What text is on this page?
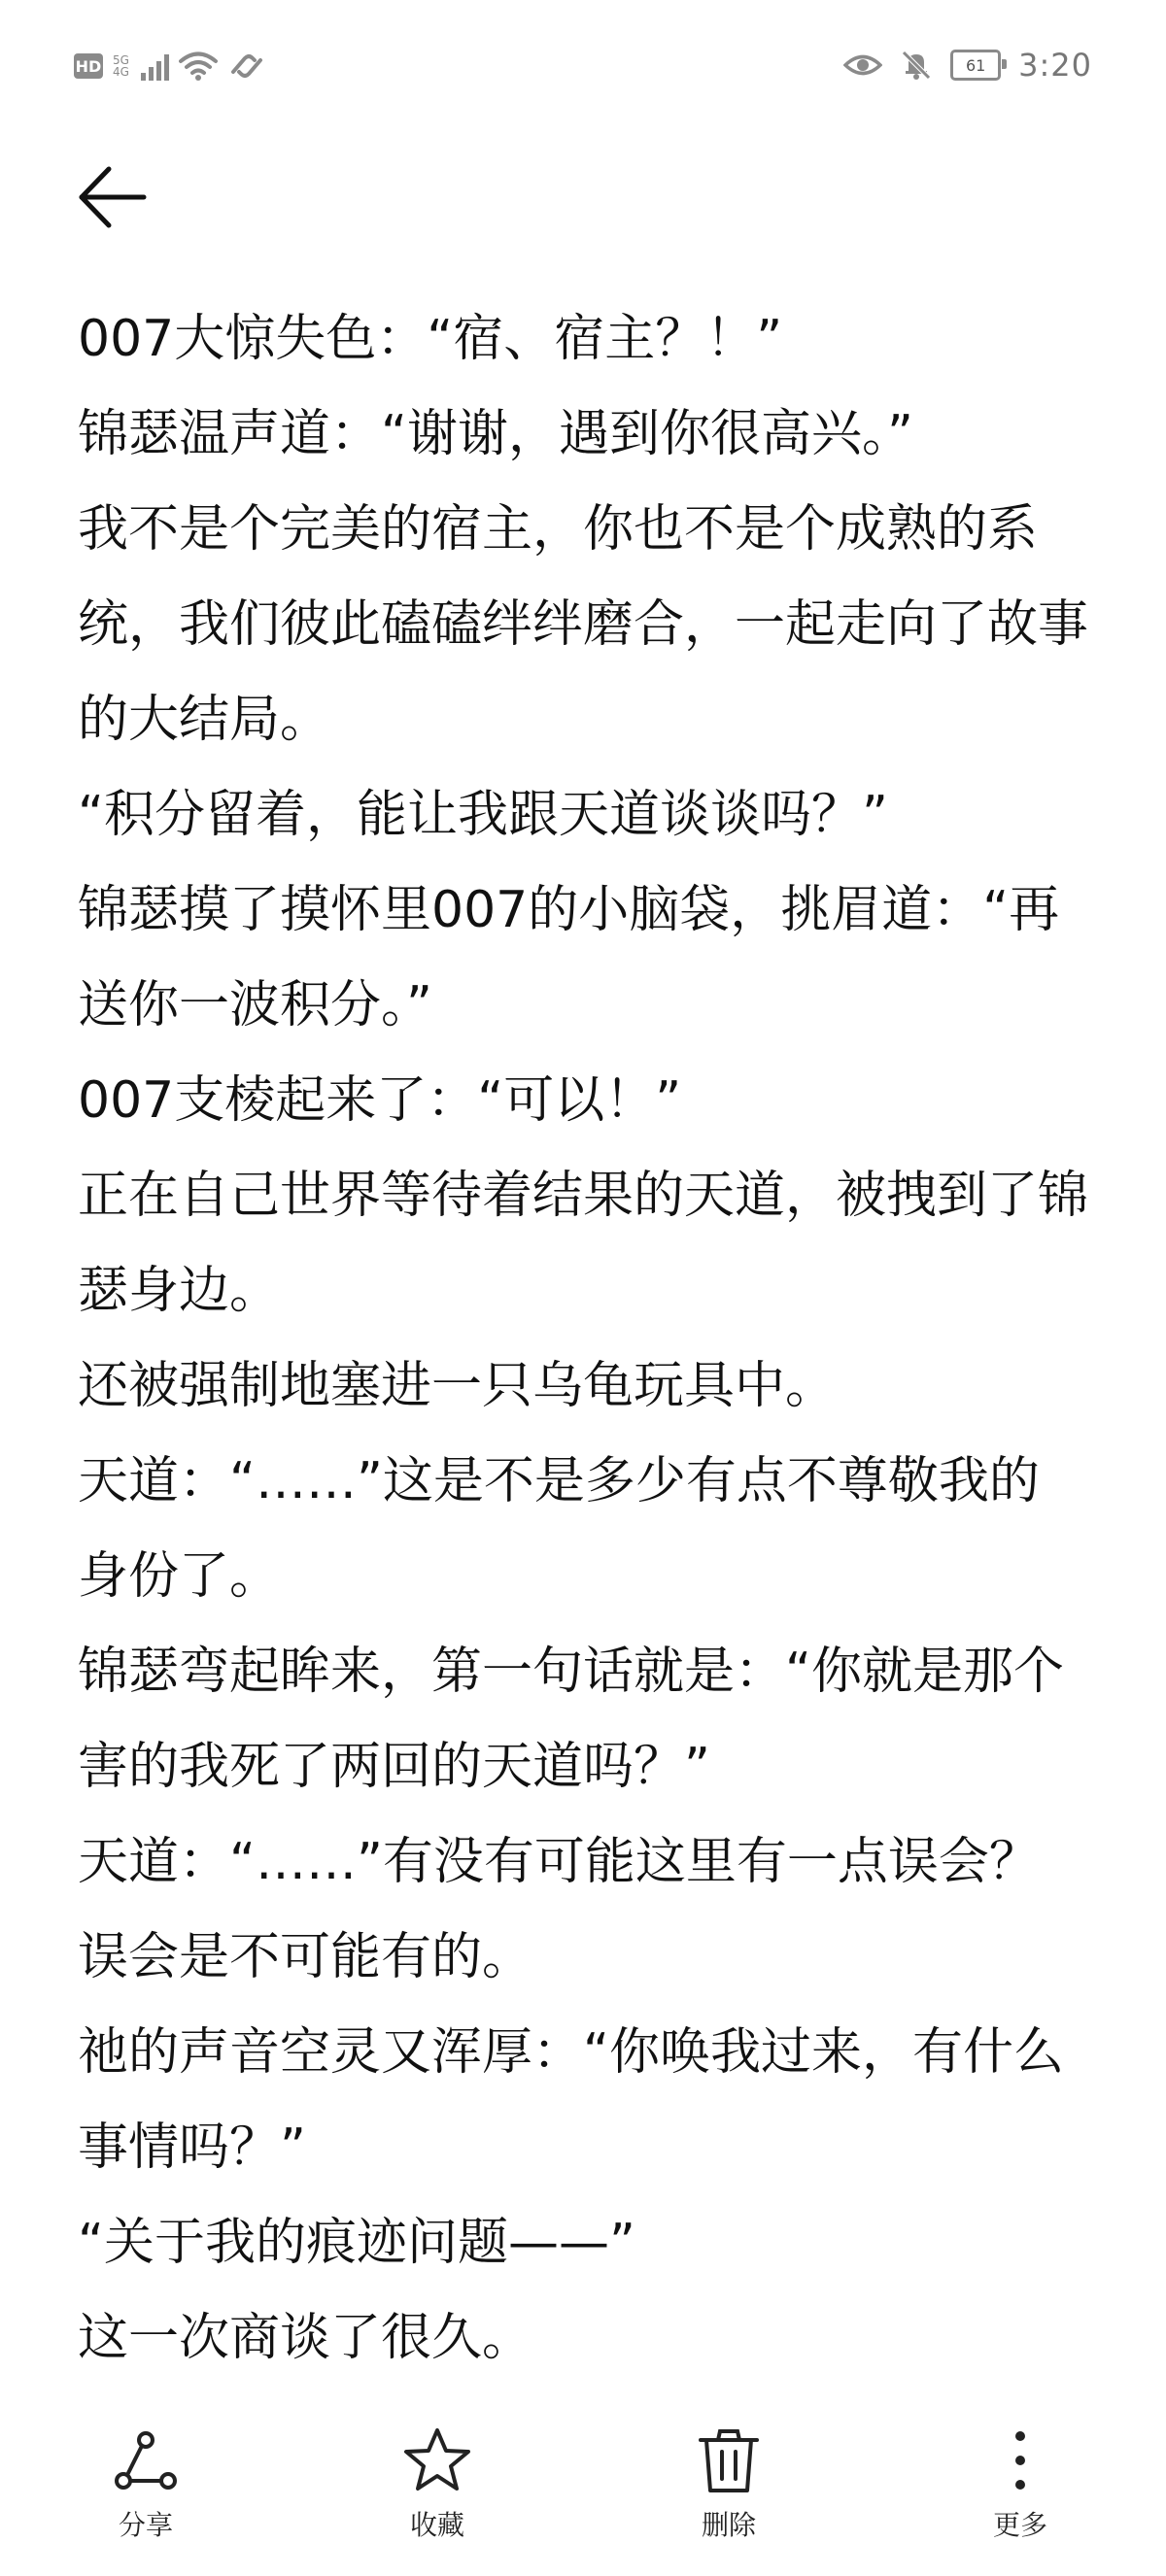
HD 5G
4G	61 3:20

007大惊失色：“宿、宿主？！”

锦瑟温声道：“谢谢，遇到你很高兴。”

我不是个完美的宿主，你也不是个成熟的系统，我们彼此磕磕绊绊磨合，一起走向了故事的大结局。

“积分留着，能让我跟天道谈谈吗？”

锦瑟摸了摸怀里007的小脑袋，挑眉道：“再送你一波积分。”

007支棱起来了：“可以！”

正在自己世界等待着结果的天道，被拽到了锦瑟身边。

还被强制地塞进一只乌龟玩具中。

天道：“……”这是不是多少有点不尊敬我的身份了。

锦瑟弯起眸来，第一句话就是：“你就是那个害的我死了两回的天道吗？”

天道：“……”有没有可能这里有一点误会？

误会是不可能有的。

祂的声音空灵又浑厚：“你唤我过来，有什么事情吗？”

“关于我的痕迹问题——”

这一次商谈了很久。

分享	收藏	删除	更多
